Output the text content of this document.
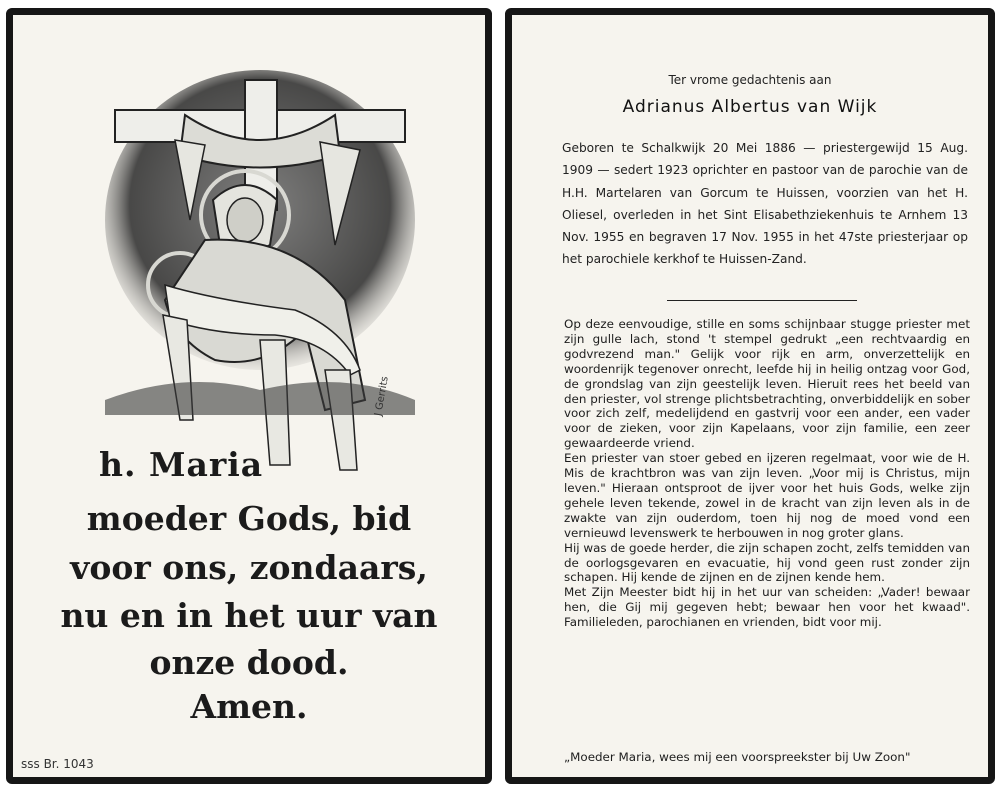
J Gerrits
h. Maria
moeder Gods, bid
voor ons, zondaars,
nu en in het uur van
onze dood.
Amen.
sss Br. 1043
Ter vrome gedachtenis aan
Adrianus Albertus van Wijk
Geboren te Schalkwijk 20 Mei 1886 — priestergewijd 15 Aug. 1909 — sedert 1923 oprichter en pastoor van de parochie van de H.H. Martelaren van Gorcum te Huissen, voorzien van het H. Oliesel, overleden in het Sint Elisabethziekenhuis te Arnhem 13 Nov. 1955 en begraven 17 Nov. 1955 in het 47ste priesterjaar op het parochiele kerkhof te Huissen-Zand.

Op deze eenvoudige, stille en soms schijnbaar stugge priester met zijn gulle lach, stond 't stempel gedrukt „een rechtvaardig en godvrezend man." Gelijk voor rijk en arm, onverzettelijk en woordenrijk tegenover onrecht, leefde hij in heilig ontzag voor God, de grondslag van zijn geestelijk leven. Hieruit rees het beeld van den priester, vol strenge plichtsbetrachting, onverbiddelijk en sober voor zich zelf, medelijdend en gastvrij voor een ander, een vader voor de zieken, voor zijn Kapelaans, voor zijn familie, een zeer gewaardeerde vriend.

Een priester van stoer gebed en ijzeren regelmaat, voor wie de H. Mis de krachtbron was van zijn leven. „Voor mij is Christus, mijn leven." Hieraan ontsproot de ijver voor het huis Gods, welke zijn gehele leven tekende, zowel in de kracht van zijn leven als in de zwakte van zijn ouderdom, toen hij nog de moed vond een vernieuwd levenswerk te herbouwen in nog groter glans.

Hij was de goede herder, die zijn schapen zocht, zelfs temidden van de oorlogsgevaren en evacuatie, hij vond geen rust zonder zijn schapen. Hij kende de zijnen en de zijnen kende hem.

Met Zijn Meester bidt hij in het uur van scheiden: „Vader! bewaar hen, die Gij mij gegeven hebt; bewaar hen voor het kwaad". Familieleden, parochianen en vrienden, bidt voor mij.

„Moeder Maria, wees mij een voorspreekster bij Uw Zoon"
